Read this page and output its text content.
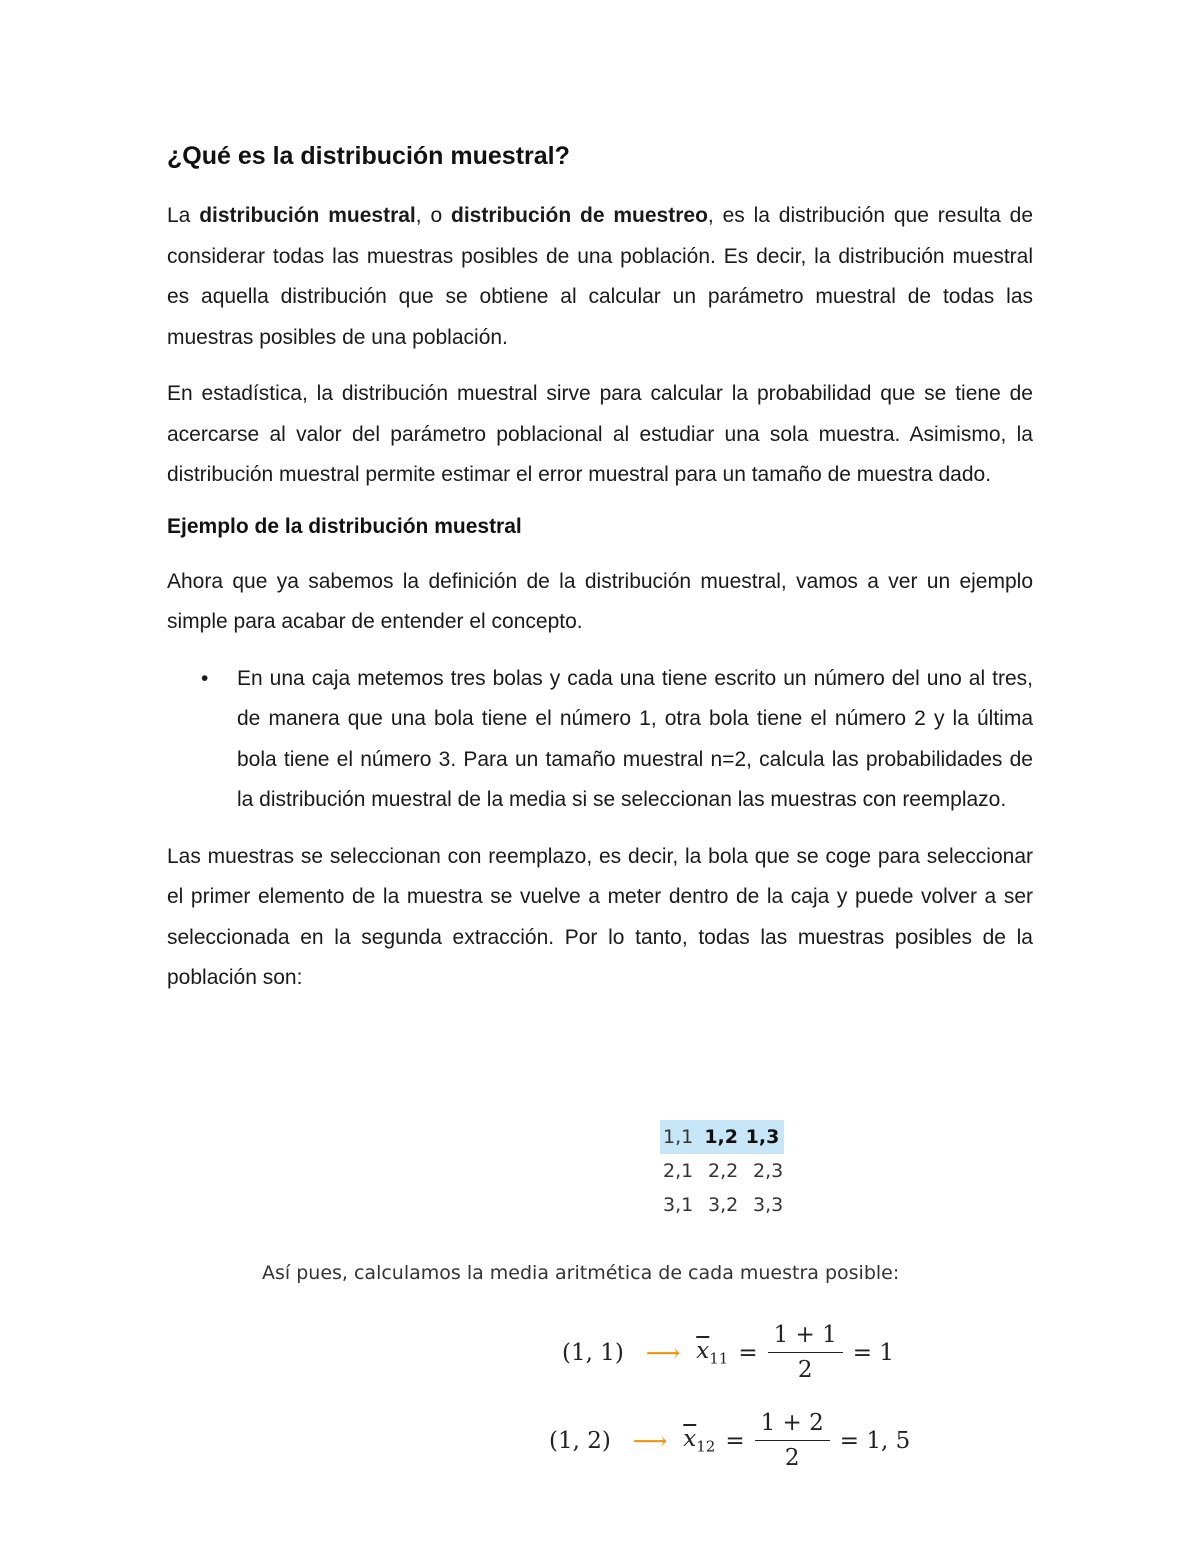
¿Qué es la distribución muestral?

La distribución muestral, o distribución de muestreo, es la distribución que resulta de considerar todas las muestras posibles de una población. Es decir, la distribución muestral es aquella distribución que se obtiene al calcular un parámetro muestral de todas las muestras posibles de una población.

En estadística, la distribución muestral sirve para calcular la probabilidad que se tiene de acercarse al valor del parámetro poblacional al estudiar una sola muestra. Asimismo, la distribución muestral permite estimar el error muestral para un tamaño de muestra dado.

Ejemplo de la distribución muestral

Ahora que ya sabemos la definición de la distribución muestral, vamos a ver un ejemplo simple para acabar de entender el concepto.

• En una caja metemos tres bolas y cada una tiene escrito un número del uno al tres, de manera que una bola tiene el número 1, otra bola tiene el número 2 y la última bola tiene el número 3. Para un tamaño muestral n=2, calcula las probabilidades de la distribución muestral de la media si se seleccionan las muestras con reemplazo.

Las muestras se seleccionan con reemplazo, es decir, la bola que se coge para seleccionar el primer elemento de la muestra se vuelve a meter dentro de la caja y puede volver a ser seleccionada en la segunda extracción. Por lo tanto, todas las muestras posibles de la población son:

1,1 1,2 1,3
2,1 2,2 2,3
3,1 3,2 3,3
Así pues, calculamos la media aritmética de cada muestra posible:
(1, 1) ⟶ $\overline{x}_{11} = \frac{1 + 1}{2} = 1$
(1, 2) ⟶ $\overline{x}_{12} = \frac{1 + 2}{2} = 1$, 5
